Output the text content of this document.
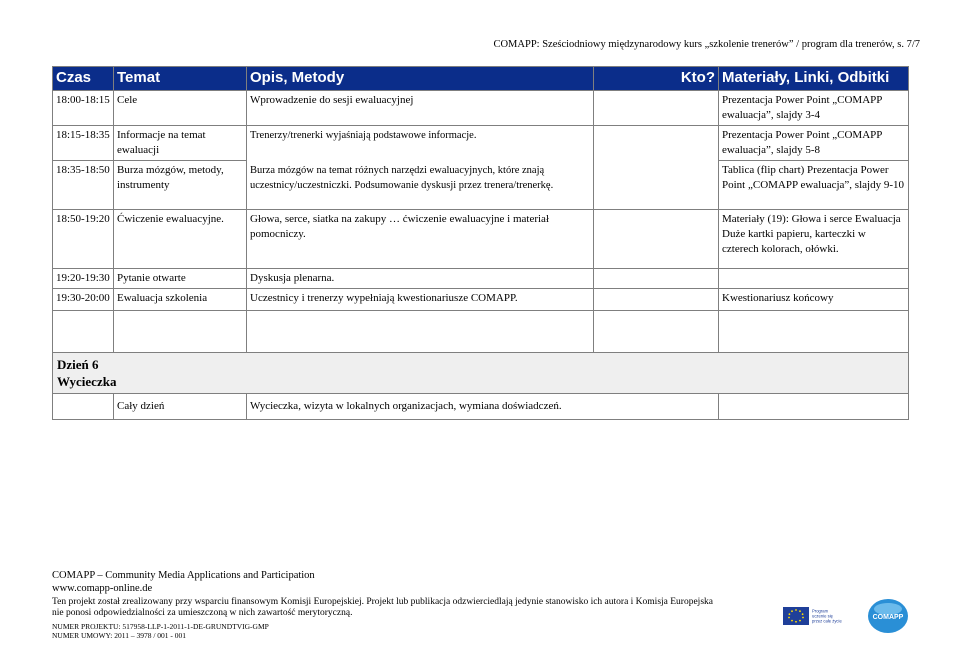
COMAPP: Sześciodniowy międzynarodowy kurs „szkolenie trenerów” / program dla trenerów, s. 7/7
Czas	Temat	Opis, Metody	Kto?	Materiały, Linki, Odbitki
18:00-18:15	Cele	Wprowadzenie do sesji ewaluacyjnej		Prezentacja Power Point „COMAPP ewaluacja”, slajdy 3-4
18:15-18:35	Informacje na temat ewaluacji	Trenerzy/trenerki wyjaśniają podstawowe informacje.		Prezentacja Power Point „COMAPP ewaluacja”, slajdy 5-8
18:35-18:50	Burza mózgów, metody, instrumenty	Burza mózgów na temat różnych narzędzi ewaluacyjnych, które znają uczestnicy/uczestniczki. Podsumowanie dyskusji przez trenera/trenerkę.		Tablica (flip chart) Prezentacja Power Point „COMAPP ewaluacja”, slajdy 9-10
18:50-19:20	Ćwiczenie ewaluacyjne.	Głowa, serce, siatka na zakupy … ćwiczenie ewaluacyjne i materiał pomocniczy.		Materiały (19): Głowa i serce Ewaluacja Duże kartki papieru, karteczki w czterech kolorach, ołówki.
19:20-19:30	Pytanie otwarte	Dyskusja plenarna.		
19:30-20:00	Ewaluacja szkolenia	Uczestnicy i trenerzy wypełniają kwestionariusze COMAPP.		Kwestionariusz końcowy

Dzień 6
Wycieczka				

	Cały dzień	Wycieczka, wizyta w lokalnych organizacjach, wymiana doświadczeń.		
COMAPP – Community Media Applications and Participation
www.comapp-online.de
Ten projekt został zrealizowany przy wsparciu finansowym Komisji Europejskiej. Projekt lub publikacja odzwierciedlają jedynie stanowisko ich autora i Komisja Europejska
nie ponosi odpowiedzialności za umieszczoną w nich zawartość merytoryczną.
NUMER PROJEKTU: 517958-LLP-1-2011-1-DE-GRUNDTVIG-GMP
NUMER UMOWY: 2011 – 3978 / 001 - 001
Program
uczenie się
przez całe życie	COMAPP
